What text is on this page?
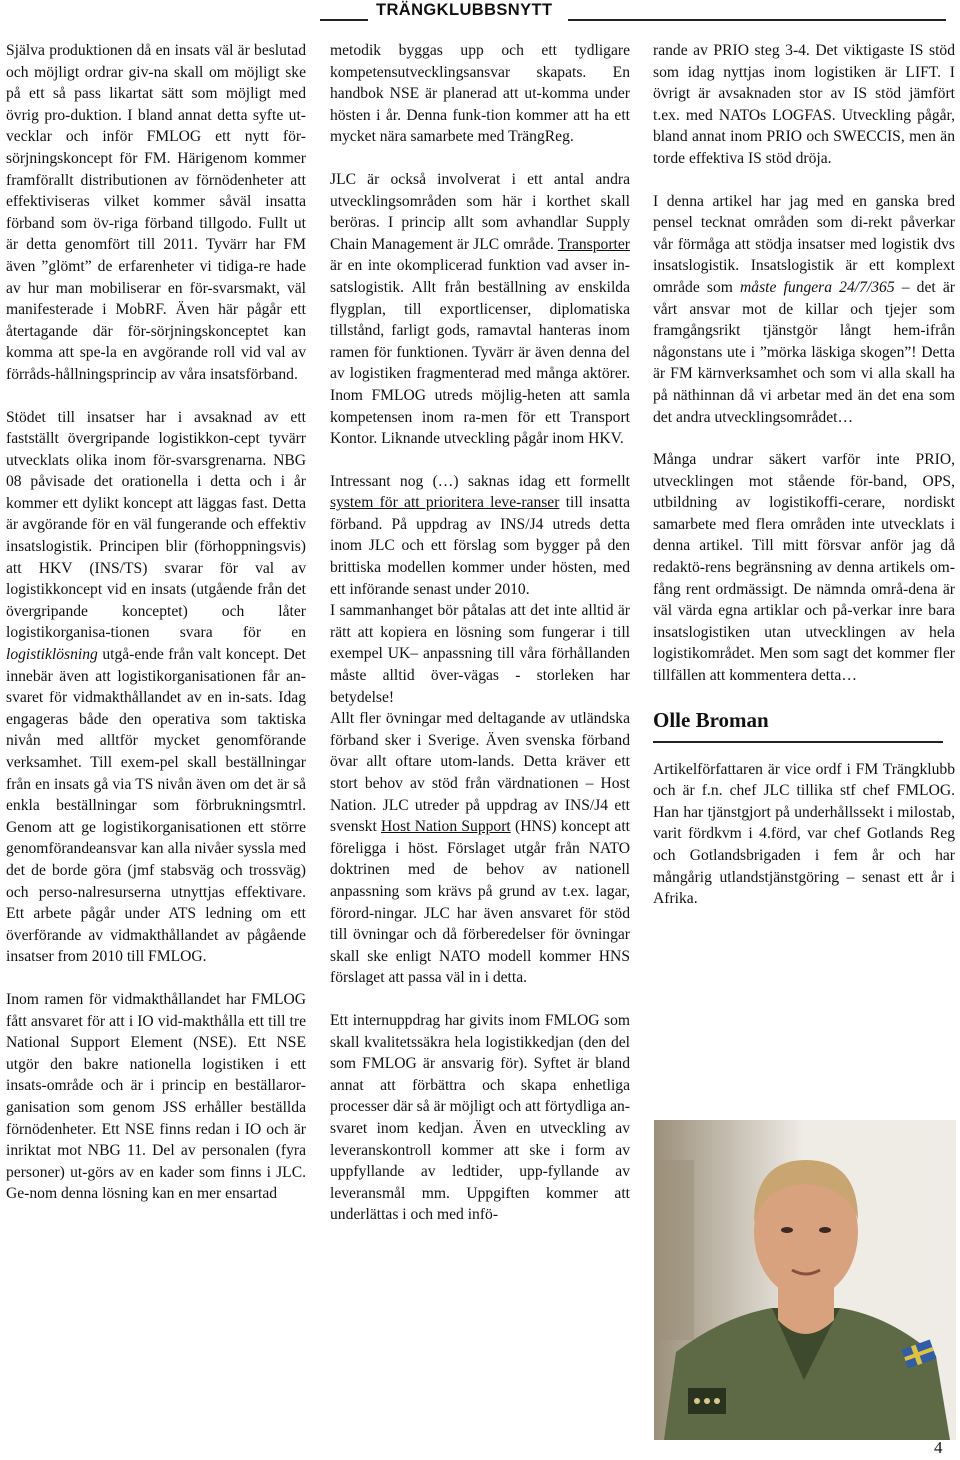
TRÄNGKLUBBSNYTT

Själva produktionen då en insats väl är beslutad och möjligt ordrar giv-na skall om möjligt ske på ett så pass likartat sätt som möjligt med övrig pro-duktion. I bland annat detta syfte ut-vecklar och inför FMLOG ett nytt för-sörjningskoncept för FM. Härigenom kommer framförallt distributionen av förnödenheter att effektiviseras vilket kommer såväl insatta förband som öv-riga förband tillgodo. Fullt ut är detta genomfört till 2011. Tyvärr har FM även ”glömt” de erfarenheter vi tidiga-re hade av hur man mobiliserar en för-svarsmakt, väl manifesterade i MobRF. Även här pågår ett återtagande där för-sörjningskonceptet kan komma att spe-la en avgörande roll vid val av förråds-hållningsprincip av våra insatsförband.

Stödet till insatser har i avsaknad av ett fastställt övergripande logistikkon-cept tyvärr utvecklats olika inom för-svarsgrenarna. NBG 08 påvisade det orationella i detta och i år kommer ett dylikt koncept att läggas fast. Detta är avgörande för en väl fungerande och effektiv insatslogistik. Principen blir (förhoppningsvis) att HKV (INS/TS) svarar för val av logistikkoncept vid en insats (utgående från det övergripande konceptet) och låter logistikorganisa-tionen svara för en logistiklösning utgå-ende från valt koncept. Det innebär även att logistikorganisationen får an-svaret för vidmakthållandet av en in-sats. Idag engageras både den operativa som taktiska nivån med alltför mycket genomförande verksamhet. Till exem-pel skall beställningar från en insats gå via TS nivån även om det är så enkla beställningar som förbrukningsmtrl. Genom att ge logistikorganisationen ett större genomförandeansvar kan alla nivåer syssla med det de borde göra (jmf stabsväg och trossväg) och perso-nalresurserna utnyttjas effektivare. Ett arbete pågår under ATS ledning om ett överförande av vidmakthållandet av pågående insatser from 2010 till FMLOG.

Inom ramen för vidmakthållandet har FMLOG fått ansvaret för att i IO vid-makthålla ett till tre National Support Element (NSE). Ett NSE utgör den bakre nationella logistiken i ett insats-område och är i princip en beställaror-ganisation som genom JSS erhåller beställda förnödenheter. Ett NSE finns redan i IO och är inriktat mot NBG 11. Del av personalen (fyra personer) ut-görs av en kader som finns i JLC. Ge-nom denna lösning kan en mer ensartad

metodik byggas upp och ett tydligare kompetensutvecklingsansvar skapats. En handbok NSE är planerad att ut-komma under hösten i år. Denna funk-tion kommer att ha ett mycket nära samarbete med TrängReg.

JLC är också involverat i ett antal andra utvecklingsområden som här i korthet skall beröras. I princip allt som avhandlar Supply Chain Management är JLC område. Transporter är en inte okomplicerad funktion vad avser in-satslogistik. Allt från beställning av enskilda flygplan, till exportlicenser, diplomatiska tillstånd, farligt gods, ramavtal hanteras inom ramen för funktionen. Tyvärr är även denna del av logistiken fragmenterad med många aktörer. Inom FMLOG utreds möjlig-heten att samla kompetensen inom ra-men för ett Transport Kontor. Liknande utveckling pågår inom HKV.

Intressant nog (…) saknas idag ett formellt system för att prioritera leve-ranser till insatta förband. På uppdrag av INS/J4 utreds detta inom JLC och ett förslag som bygger på den brittiska modellen kommer under hösten, med ett införande senast under 2010.

I sammanhanget bör påtalas att det inte alltid är rätt att kopiera en lösning som fungerar i till exempel UK– anpassning till våra förhållanden måste alltid över-vägas - storleken har betydelse!

Allt fler övningar med deltagande av utländska förband sker i Sverige. Även svenska förband övar allt oftare utom-lands. Detta kräver ett stort behov av stöd från värdnationen – Host Nation. JLC utreder på uppdrag av INS/J4 ett svenskt Host Nation Support (HNS) koncept att föreligga i höst. Förslaget utgår från NATO doktrinen med de behov av nationell anpassning som krävs på grund av t.ex. lagar, förord-ningar. JLC har även ansvaret för stöd till övningar och då förberedelser för övningar skall ske enligt NATO modell kommer HNS förslaget att passa väl in i detta.

Ett internuppdrag har givits inom FMLOG som skall kvalitetssäkra hela logistikkedjan (den del som FMLOG är ansvarig för). Syftet är bland annat att förbättra och skapa enhetliga processer där så är möjligt och att förtydliga an-svaret inom kedjan. Även en utveckling av leveranskontroll kommer att ske i form av uppfyllande av ledtider, upp-fyllande av leveransmål mm. Uppgiften kommer att underlättas i och med infö-

rande av PRIO steg 3-4. Det viktigaste IS stöd som idag nyttjas inom logistiken är LIFT. I övrigt är avsaknaden stor av IS stöd jämfört t.ex. med NATOs LOGFAS. Utveckling pågår, bland annat inom PRIO och SWECCIS, men än torde effektiva IS stöd dröja.

I denna artikel har jag med en ganska bred pensel tecknat områden som di-rekt påverkar vår förmåga att stödja insatser med logistik dvs insatslogistik. Insatslogistik är ett komplext område som måste fungera 24/7/365 – det är vårt ansvar mot de killar och tjejer som framgångsrikt tjänstgör långt hem-ifrån någonstans ute i ”mörka läskiga skogen”! Detta är FM kärnverksamhet och som vi alla skall ha på näthinnan då vi arbetar med än det ena som det andra utvecklingsområdet…

Många undrar säkert varför inte PRIO, utvecklingen mot stående för-band, OPS, utbildning av logistikoffi-cerare, nordiskt samarbete med flera områden inte utvecklats i denna artikel. Till mitt försvar anför jag då redaktö-rens begränsning av denna artikels om-fång rent ordmässigt. De nämnda områ-dena är väl värda egna artiklar och på-verkar inre bara insatslogistiken utan utvecklingen av hela logistikområdet. Men som sagt det kommer fler tillfällen att kommentera detta…

Olle Broman

Artikelförfattaren är vice ordf i FM Trängklubb och är f.n. chef JLC tillika stf chef FMLOG. Han har tjänstgjort på underhållssekt i milostab, varit fördkvm i 4.förd, var chef Gotlands Reg och Gotlandsbrigaden i fem år och har mångårig utlandstjänstgöring – senast ett år i Afrika.

4
